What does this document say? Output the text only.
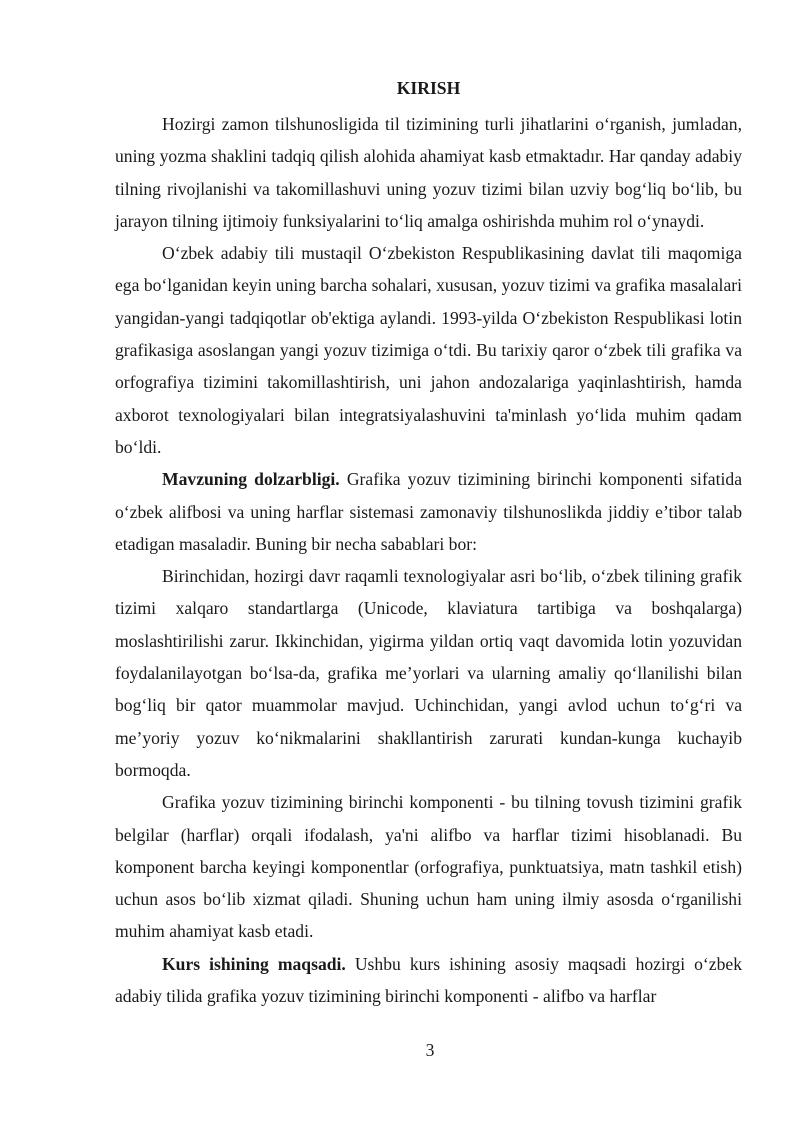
KIRISH

Hozirgi zamon tilshunosligida til tizimining turli jihatlarini o‘rganish, jumladan, uning yozma shaklini tadqiq qilish alohida ahamiyat kasb etmaktadır. Har qanday adabiy tilning rivojlanishi va takomillashuvi uning yozuv tizimi bilan uzviy bog‘liq bo‘lib, bu jarayon tilning ijtimoiy funksiyalarini to‘liq amalga oshirishda muhim rol o‘ynaydi.

O‘zbek adabiy tili mustaqil O‘zbekiston Respublikasining davlat tili maqomiga ega bo‘lganidan keyin uning barcha sohalari, xususan, yozuv tizimi va grafika masalalari yangidan-yangi tadqiqotlar ob'ektiga aylandi. 1993-yilda O‘zbekiston Respublikasi lotin grafikasiga asoslangan yangi yozuv tizimiga o‘tdi. Bu tarixiy qaror o‘zbek tili grafika va orfografiya tizimini takomillashtirish, uni jahon andozalariga yaqinlashtirish, hamda axborot texnologiyalari bilan integratsiyalashuvini ta'minlash yo‘lida muhim qadam bo‘ldi.

Mavzuning dolzarbligi. Grafika yozuv tizimining birinchi komponenti sifatida o‘zbek alifbosi va uning harflar sistemasi zamonaviy tilshunoslikda jiddiy e’tibor talab etadigan masaladir. Buning bir necha sabablari bor:

Birinchidan, hozirgi davr raqamli texnologiyalar asri bo‘lib, o‘zbek tilining grafik tizimi xalqaro standartlarga (Unicode, klaviatura tartibiga va boshqalarga) moslashtirilishi zarur. Ikkinchidan, yigirma yildan ortiq vaqt davomida lotin yozuvidan foydalanilayotgan bo‘lsa-da, grafika me’yorlari va ularning amaliy qo‘llanilishi bilan bog‘liq bir qator muammolar mavjud. Uchinchidan, yangi avlod uchun to‘g‘ri va me’yoriy yozuv ko‘nikmalarini shakllantirish zarurati kundan-kunga kuchayib bormoqda.

Grafika yozuv tizimining birinchi komponenti - bu tilning tovush tizimini grafik belgilar (harflar) orqali ifodalash, ya'ni alifbo va harflar tizimi hisoblanadi. Bu komponent barcha keyingi komponentlar (orfografiya, punktuatsiya, matn tashkil etish) uchun asos bo‘lib xizmat qiladi. Shuning uchun ham uning ilmiy asosda o‘rganilishi muhim ahamiyat kasb etadi.

Kurs ishining maqsadi. Ushbu kurs ishining asosiy maqsadi hozirgi o‘zbek adabiy tilida grafika yozuv tizimining birinchi komponenti - alifbo va harflar

3
